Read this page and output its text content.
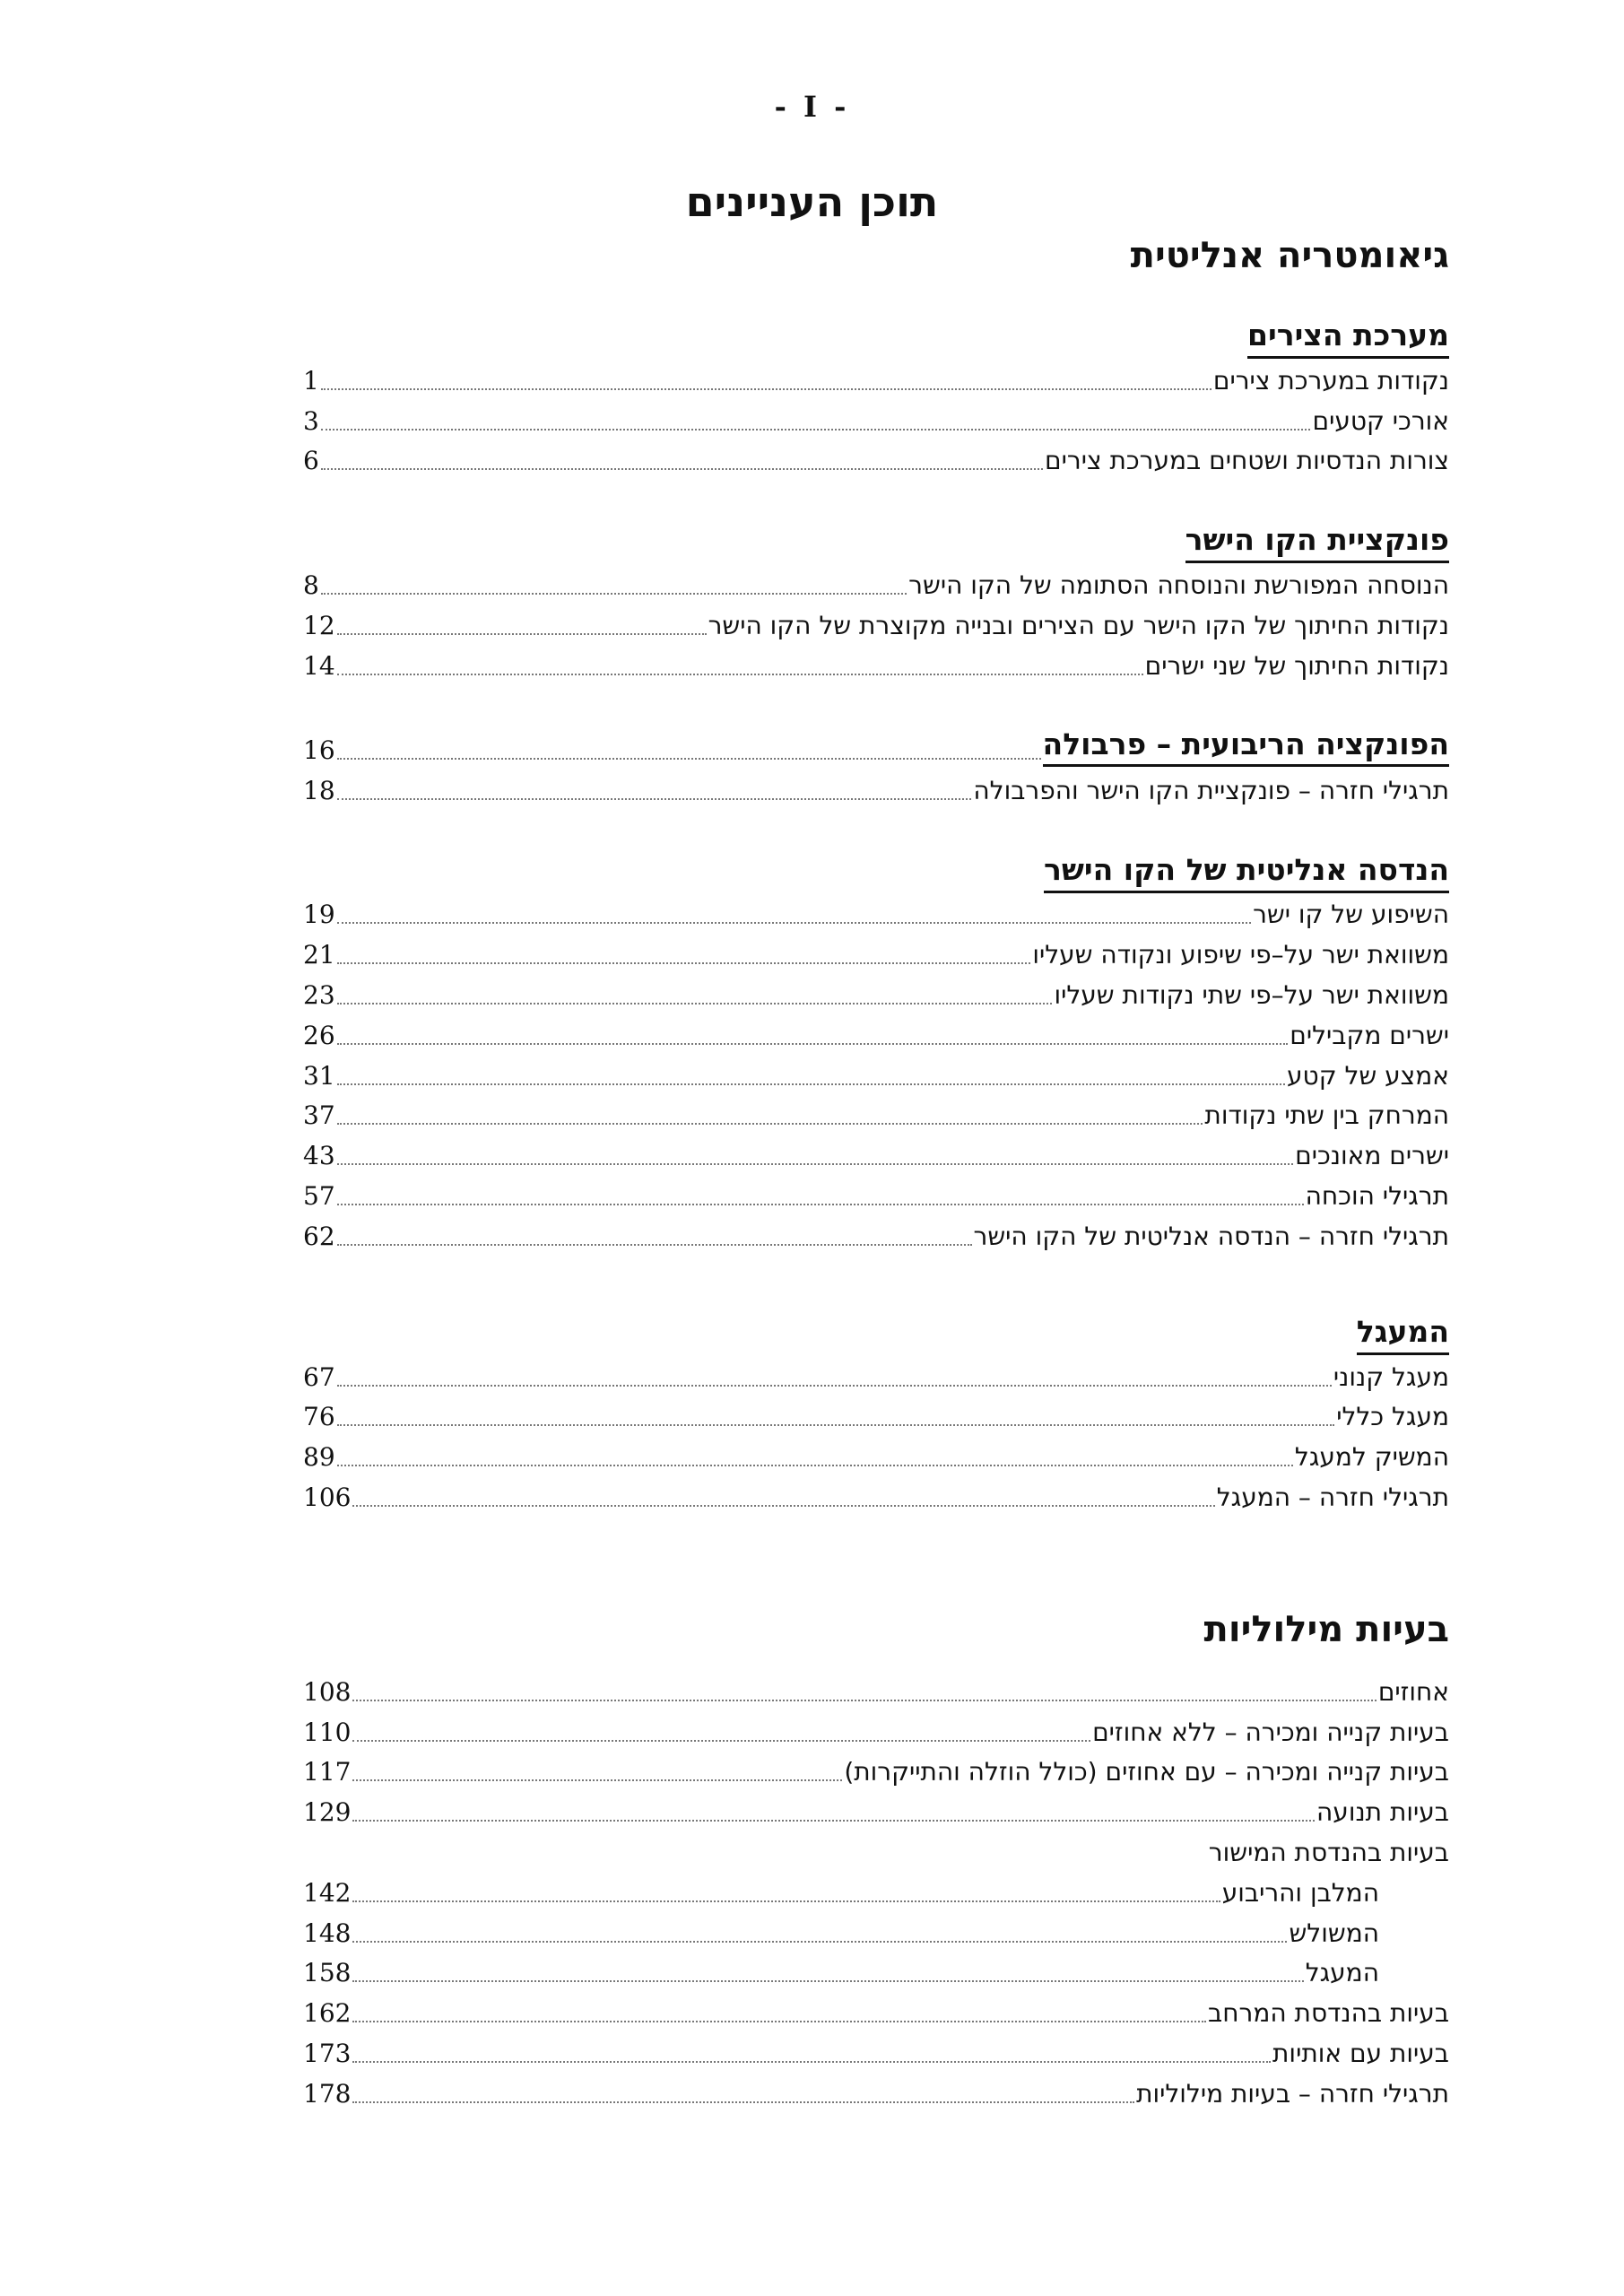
- I -
תוכן העניינים
גיאומטריה אנליטית
מערכת הצירים
נקודות במערכת צירים
1
אורכי קטעים
3
צורות הנדסיות ושטחים במערכת צירים
6
פונקציית הקו הישר
הנוסחה המפורשת והנוסחה הסתומה של הקו הישר
8
נקודות החיתוך של הקו הישר עם הצירים ובנייה מקוצרת של הקו הישר
12
נקודות החיתוך של שני ישרים
14
הפונקציה הריבועית – פרבולה
16
תרגילי חזרה – פונקציית הקו הישר והפרבולה
18
הנדסה אנליטית של הקו הישר
השיפוע של קו ישר
19
משוואת ישר על–פי שיפוע ונקודה שעליו
21
משוואת ישר על–פי שתי נקודות שעליו
23
ישרים מקבילים
26
אמצע של קטע
31
המרחק בין שתי נקודות
37
ישרים מאונכים
43
תרגילי הוכחה
57
תרגילי חזרה – הנדסה אנליטית של הקו הישר
62
המעגל
מעגל קנוני
67
מעגל כללי
76
המשיק למעגל
89
תרגילי חזרה – המעגל
106
בעיות מילוליות
אחוזים
108
בעיות קנייה ומכירה – ללא אחוזים
110
בעיות קנייה ומכירה – עם אחוזים (כולל הוזלה והתייקרות)
117
בעיות תנועה
129
בעיות בהנדסת המישור
המלבן והריבוע
142
המשולש
148
המעגל
158
בעיות בהנדסת המרחב
162
בעיות עם אותיות
173
תרגילי חזרה – בעיות מילוליות
178
